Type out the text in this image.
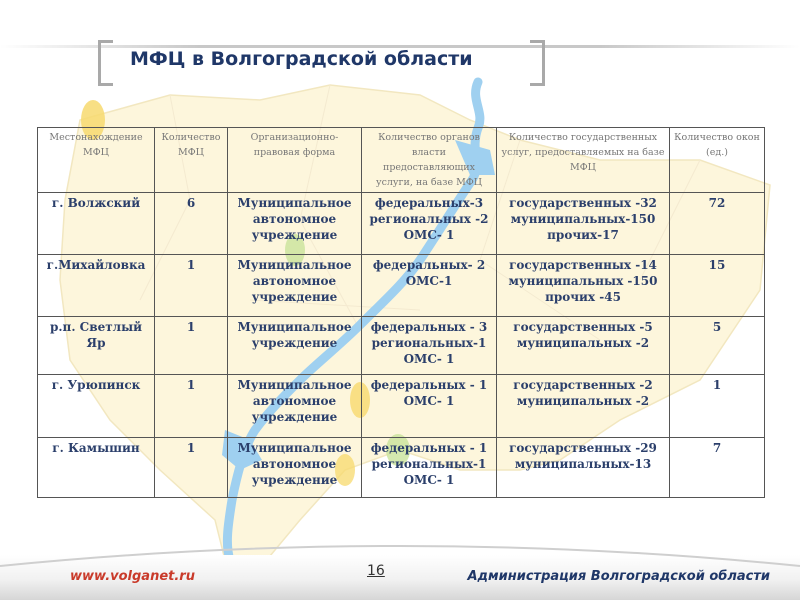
МФЦ в Волгоградской области
Местонахождение МФЦ	Количество МФЦ	Организационно-правовая форма	Количество органов власти предоставляющих услуги, на базе МФЦ	Количество государственных услуг, предоставляемых на базе МФЦ	Количество окон (ед.)
г. Волжский	6	Муниципальное автономное учреждение	федеральных-3 региональных -2 ОМС- 1	государственных -32 муниципальных-150 прочих-17	72
г.Михайловка	1	Муниципальное автономное учреждение	федеральных- 2 ОМС-1	государственных -14 муниципальных -150 прочих -45	15
р.п. Светлый Яр	1	Муниципальное учреждение	федеральных - 3 региональных-1 ОМС- 1	государственных -5 муниципальных -2	5
г. Урюпинск	1	Муниципальное автономное учреждение	федеральных - 1 ОМС- 1	государственных -2 муниципальных -2	1
г. Камышин	1	Муниципальное автономное учреждение	федеральных - 1 региональных-1 ОМС- 1	государственных -29 муниципальных-13	7
www.volganet.ru	16	Администрация Волгоградской области
